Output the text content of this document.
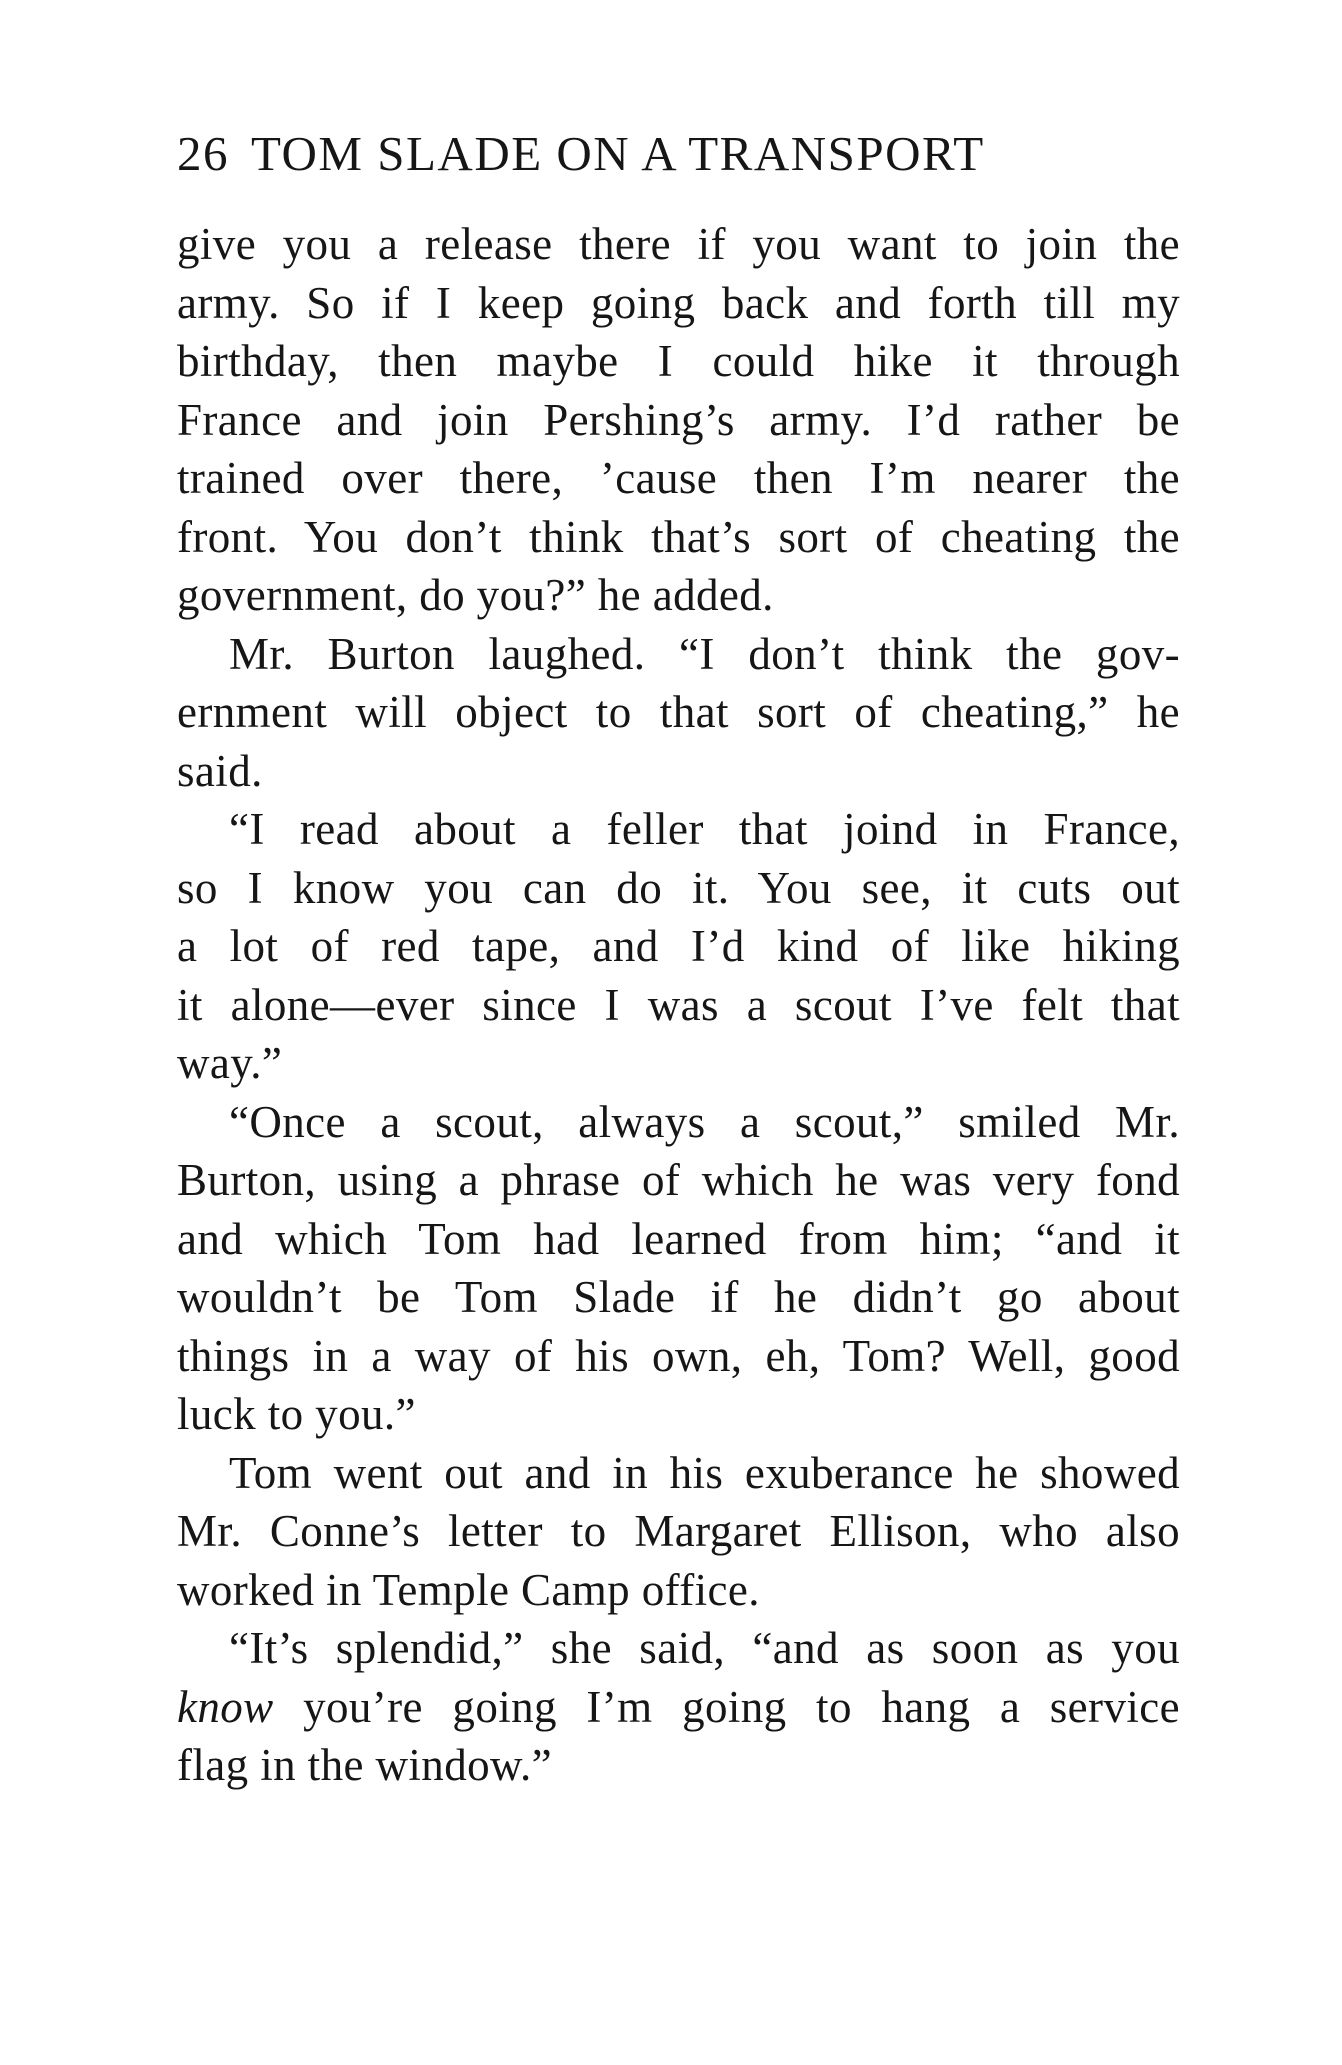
26 TOM SLADE ON A TRANSPORT
give you a release there if you want to join the
army. So if I keep going back and forth till my
birthday, then maybe I could hike it through
France and join Pershing’s army. I’d rather be
trained over there, ’cause then I’m nearer the
front. You don’t think that’s sort of cheating the
government, do you?” he added.
Mr. Burton laughed. “I don’t think the gov-
ernment will object to that sort of cheating,” he
said.
“I read about a feller that joind in France,
so I know you can do it. You see, it cuts out
a lot of red tape, and I’d kind of like hiking
it alone—ever since I was a scout I’ve felt that
way.”
“Once a scout, always a scout,” smiled Mr.
Burton, using a phrase of which he was very fond
and which Tom had learned from him; “and it
wouldn’t be Tom Slade if he didn’t go about
things in a way of his own, eh, Tom? Well, good
luck to you.”
Tom went out and in his exuberance he showed
Mr. Conne’s letter to Margaret Ellison, who also
worked in Temple Camp office.
“It’s splendid,” she said, “and as soon as you
know you’re going I’m going to hang a service
flag in the window.”
